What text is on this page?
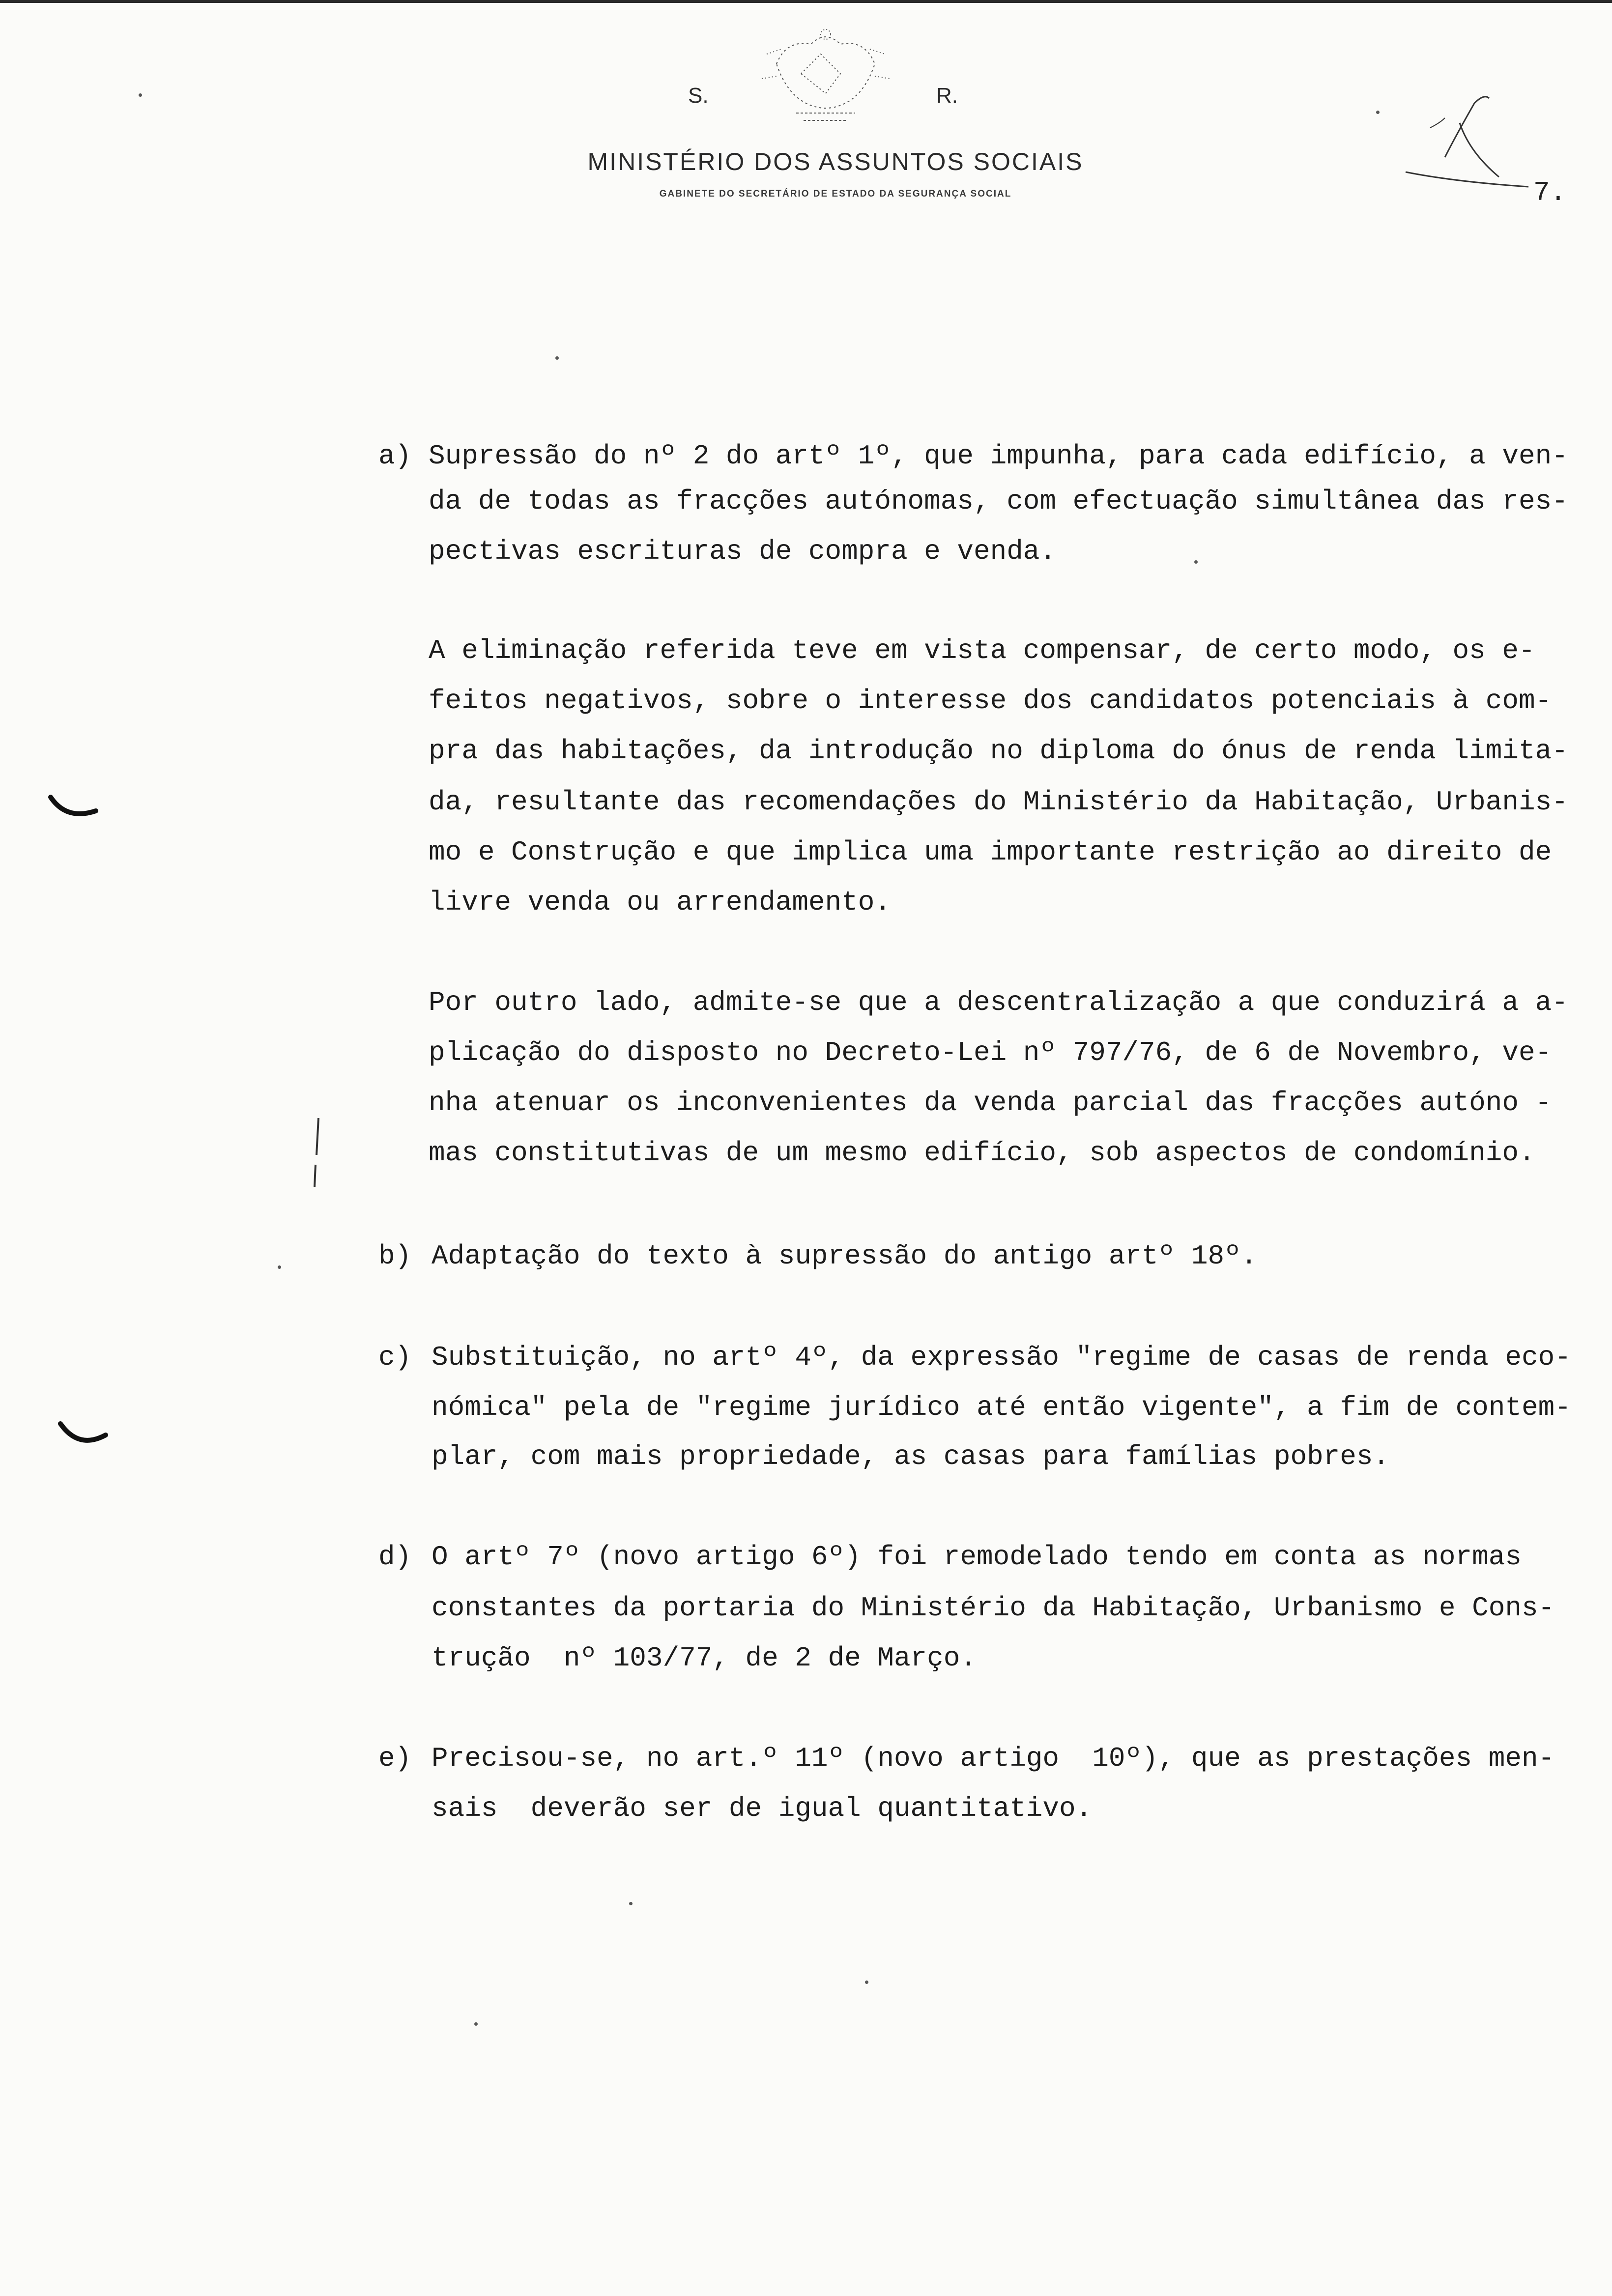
S.	R.
MINISTÉRIO DOS ASSUNTOS SOCIAIS
GABINETE DO SECRETÁRIO DE ESTADO DA SEGURANÇA SOCIAL	7.
a) Supressão do nº 2 do artº 1º, que impunha, para cada edifício, a ven-
da de todas as fracções autónomas, com efectuação simultânea das res-
pectivas escrituras de compra e venda.
A eliminação referida teve em vista compensar, de certo modo, os e-
feitos negativos, sobre o interesse dos candidatos potenciais à com-
pra das habitações, da introdução no diploma do ónus de renda limita-
da, resultante das recomendações do Ministério da Habitação, Urbanis-
mo e Construção e que implica uma importante restrição ao direito de
livre venda ou arrendamento.
Por outro lado, admite-se que a descentralização a que conduzirá a a-
plicação do disposto no Decreto-Lei nº 797/76, de 6 de Novembro, ve-
nha atenuar os inconvenientes da venda parcial das fracções autóno -
mas constitutivas de um mesmo edifício, sob aspectos de condomínio.
b) Adaptação do texto à supressão do antigo artº 18º.
c) Substituição, no artº 4º, da expressão "regime de casas de renda eco-
nómica" pela de "regime jurídico até então vigente", a fim de contem-
plar, com mais propriedade, as casas para famílias pobres.
d) O artº 7º (novo artigo 6º) foi remodelado tendo em conta as normas
constantes da portaria do Ministério da Habitação, Urbanismo e Cons-
trução  nº 103/77, de 2 de Março.
e) Precisou-se, no art.º 11º (novo artigo  10º), que as prestações men-
sais  deverão ser de igual quantitativo.
